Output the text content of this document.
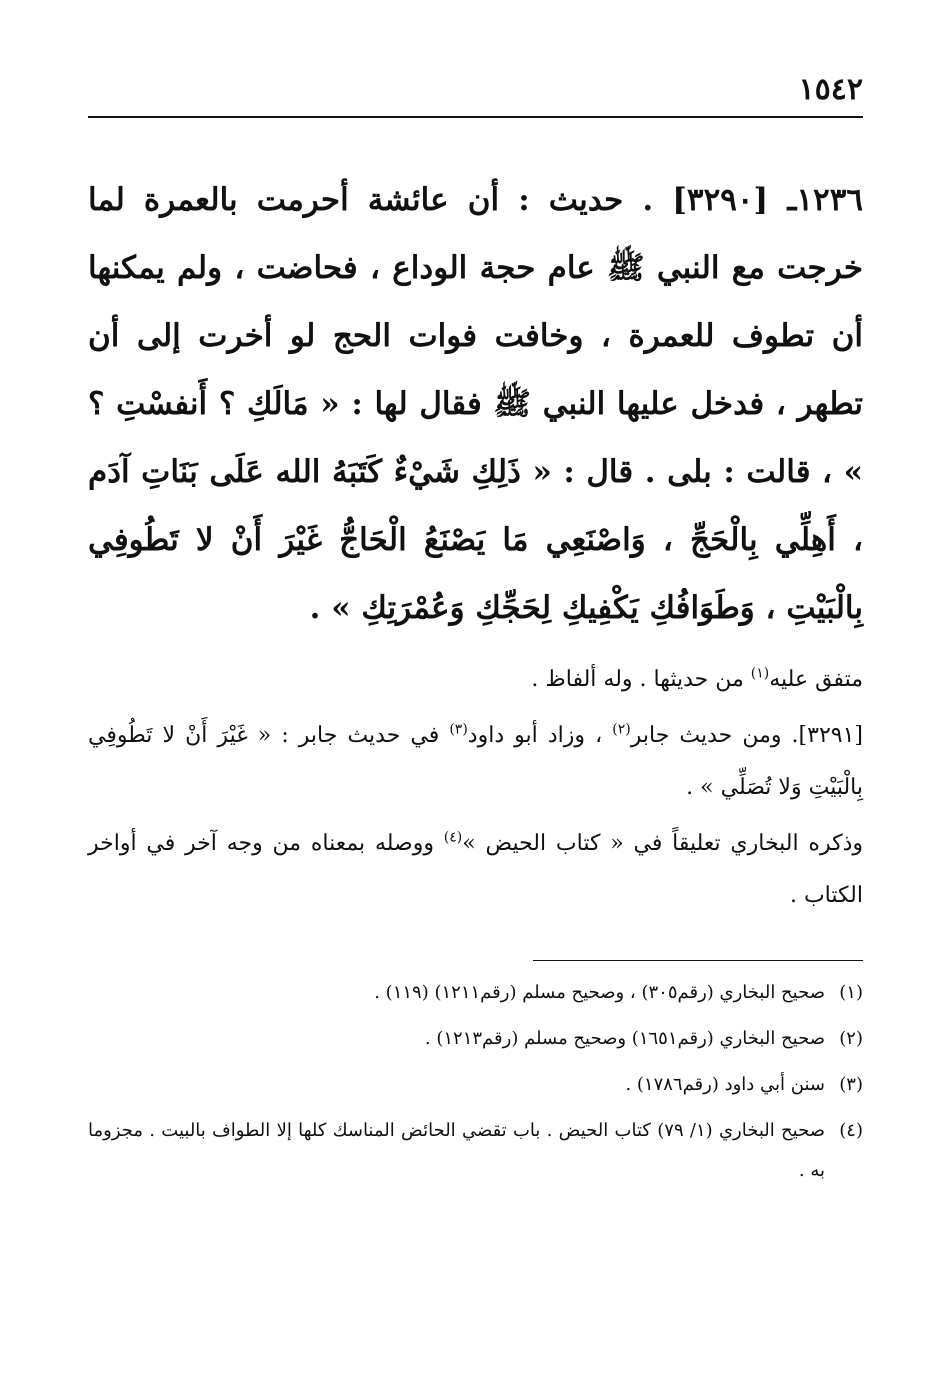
١٥٤٢
١٢٣٦ـ [٣٢٩٠] . حديث : أن عائشة أحرمت بالعمرة لما خرجت مع النبي ﷺ عام حجة الوداع ، فحاضت ، ولم يمكنها أن تطوف للعمرة ، وخافت فوات الحج لو أخرت إلى أن تطهر ، فدخل عليها النبي ﷺ فقال لها : « مَالَكِ ؟ أَنفسْتِ ؟ » ، قالت : بلى . قال : « ذَلِكِ شَيْءٌ كَتَبَهُ الله عَلَى بَنَاتِ آدَم ، أَهِلِّي بِالْحَجِّ ، وَاصْنَعِي مَا يَصْنَعُ الْحَاجُّ غَيْرَ أَنْ لا تَطُوفِي بِالْبَيْتِ ، وَطَوَافُكِ يَكْفِيكِ لِحَجِّكِ وَعُمْرَتِكِ » .

متفق عليه$^{(١)}$ من حديثها . وله ألفاظ .

[٣٢٩١]. ومن حديث جابر$^{(٢)}$ ، وزاد أبو داود$^{(٣)}$ في حديث جابر : « غَيْرَ أَنْ لا تَطُوفِي بِالْبَيْتِ وَلا تُصَلِّي » .

وذكره البخاري تعليقاً في « كتاب الحيض »$^{(٤)}$ ووصله بمعناه من وجه آخر في أواخر الكتاب .

(١)
صحيح البخاري (رقم٣٠٥) ، وصحيح مسلم (رقم١٢١١) (١١٩) .
(٢)
صحيح البخاري (رقم١٦٥١) وصحيح مسلم (رقم١٢١٣) .
(٣)
سنن أبي داود (رقم١٧٨٦) .
(٤)
صحيح البخاري (١/ ٧٩) كتاب الحيض . باب تقضي الحائض المناسك كلها إلا الطواف بالبيت . مجزوما به .
